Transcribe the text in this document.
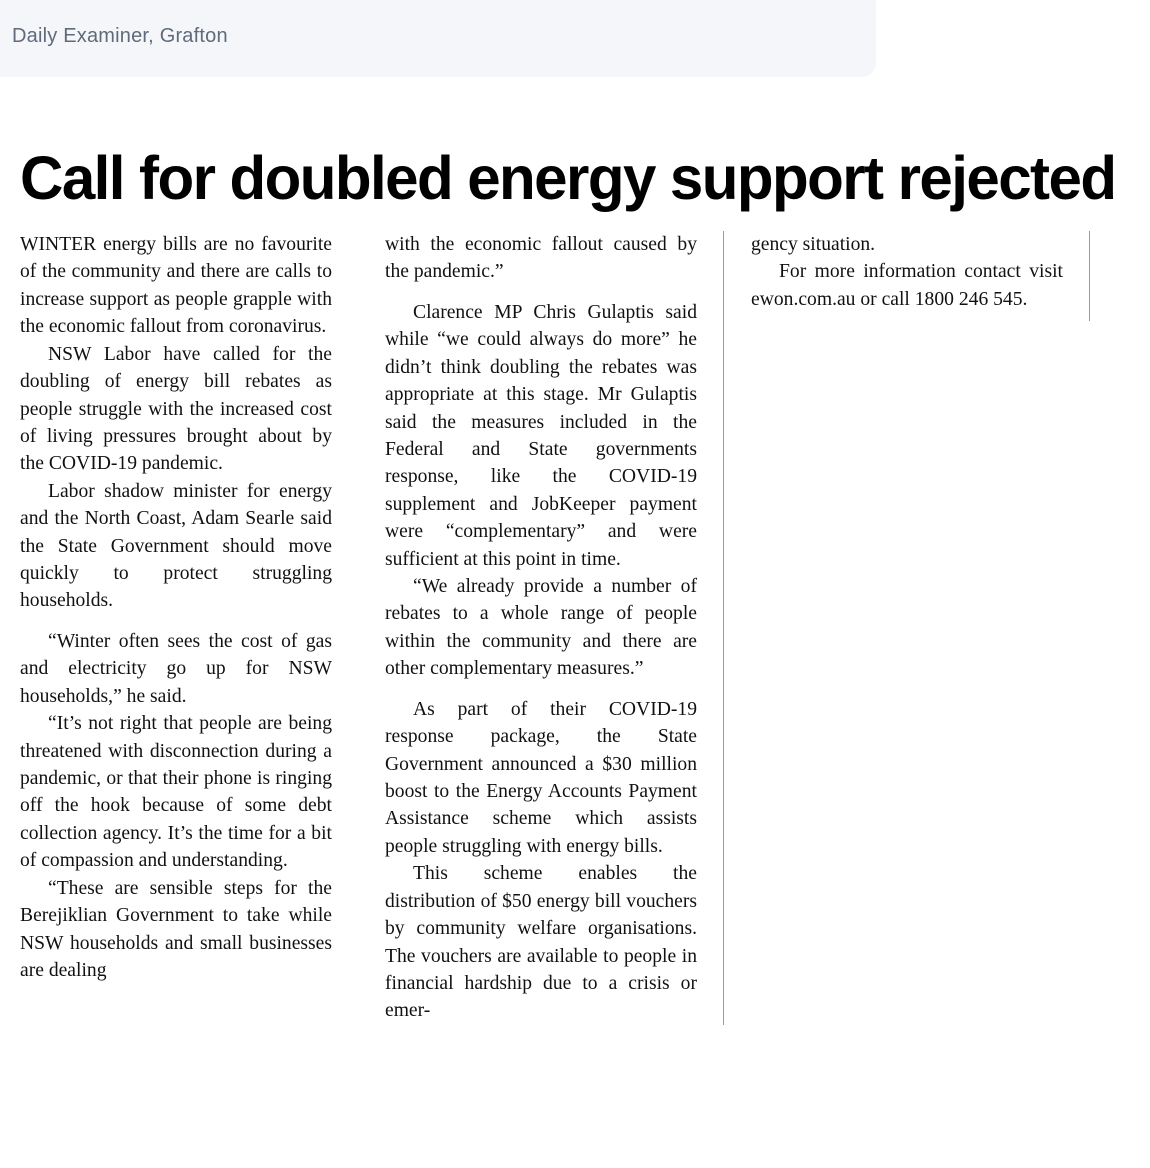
Daily Examiner, Grafton
Call for doubled energy support rejected

WINTER energy bills are no favourite of the community and there are calls to increase support as people grapple with the economic fallout from coronavirus.

NSW Labor have called for the doubling of energy bill rebates as people struggle with the increased cost of living pressures brought about by the COVID-19 pandemic.

Labor shadow minister for energy and the North Coast, Adam Searle said the State Government should move quickly to protect struggling households.

“Winter often sees the cost of gas and electricity go up for NSW households,” he said.

“It’s not right that people are being threatened with disconnection during a pandemic, or that their phone is ringing off the hook because of some debt collection agency. It’s the time for a bit of compassion and understanding.

“These are sensible steps for the Berejiklian Government to take while NSW households and small businesses are dealing

with the economic fallout caused by the pandemic.”

Clarence MP Chris Gulaptis said while “we could always do more” he didn’t think doubling the rebates was appropriate at this stage. Mr Gulaptis said the measures included in the Federal and State governments response, like the COVID-19 supplement and JobKeeper payment were “complementary” and were sufficient at this point in time.

“We already provide a number of rebates to a whole range of people within the community and there are other complementary measures.”

As part of their COVID-19 response package, the State Government announced a $30 million boost to the Energy Accounts Payment Assistance scheme which assists people struggling with energy bills.

This scheme enables the distribution of $50 energy bill vouchers by community welfare organisations. The vouchers are available to people in financial hardship due to a crisis or emer-

gency situation.

For more information contact visit ewon.com.au or call 1800 246 545.
